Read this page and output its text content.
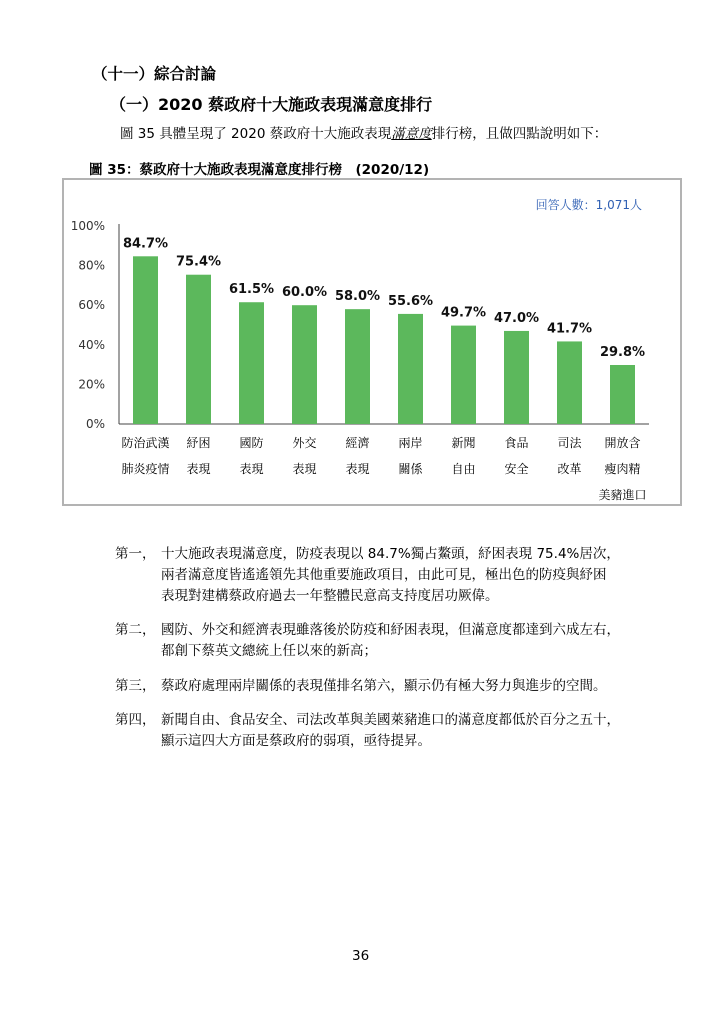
（十一）綜合討論
（一）2020 蔡政府十大施政表現滿意度排行
圖 35 具體呈現了 2020 蔡政府十大施政表現滿意度排行榜，且做四點說明如下：
圖 35：蔡政府十大施政表現滿意度排行榜　(2020/12)
回答人數：1,071人
0%
20%
40%
60%
80%
100%
84.7%
防治武漢
肺炎疫情
75.4%
紓困
表現
61.5%
國防
表現
60.0%
外交
表現
58.0%
經濟
表現
55.6%
兩岸
關係
49.7%
新聞
自由
47.0%
食品
安全
41.7%
司法
改革
29.8%
開放含
瘦肉精
美豬進口
第一， 十大施政表現滿意度，防疫表現以 84.7%獨占鰲頭，紓困表現 75.4%居次，
兩者滿意度皆遙遙領先其他重要施政項目，由此可見，極出色的防疫與紓困
表現對建構蔡政府過去一年整體民意高支持度居功厥偉。
第二， 國防、外交和經濟表現雖落後於防疫和紓困表現，但滿意度都達到六成左右，
都創下蔡英文總統上任以來的新高；
第三， 蔡政府處理兩岸關係的表現僅排名第六，顯示仍有極大努力與進步的空間。
第四， 新聞自由、食品安全、司法改革與美國萊豬進口的滿意度都低於百分之五十，
顯示這四大方面是蔡政府的弱項，亟待提昇。
36
